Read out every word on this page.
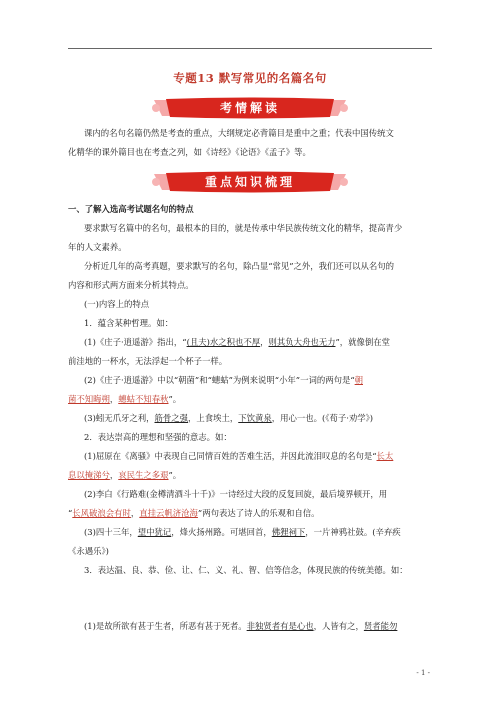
专题13 默写常见的名篇名句
考情解读
重点知识梳理

课内的名句名篇仍然是考查的重点，大纲规定必背篇目是重中之重；代表中国传统文

化精华的课外篇目也在考查之列，如《诗经》《论语》《孟子》等。

一、了解入选高考试题名句的特点

要求默写名篇中的名句，最根本的目的，就是传承中华民族传统文化的精华，提高青少

年的人文素养。

分析近几年的高考真题，要求默写的名句，除凸显“常见”之外，我们还可以从名句的

内容和形式两方面来分析其特点。

(一)内容上的特点

1．蕴含某种哲理。如：

(1)《庄子·逍遥游》指出，“(且夫)水之积也不厚，则其负大舟也无力”，就像倒在堂

前洼地的一杯水，无法浮起一个杯子一样。

(2)《庄子·逍遥游》中以“朝菌”和“蟪蛄”为例来说明“小年”一词的两句是“朝

菌不知晦朔，蟪蛄不知春秋”。

(3)蚓无爪牙之利，筋骨之强，上食埃土，下饮黄泉，用心一也。(《荀子·劝学》)

2．表达崇高的理想和坚强的意志。如：

(1)屈原在《离骚》中表现自己同情百姓的苦难生活，并因此流泪叹息的名句是“长太

息以掩涕兮，哀民生之多艰”。

(2)李白《行路难(金樽清酒斗十千)》一诗经过大段的反复回旋，最后境界顿开，用

“长风破浪会有时，直挂云帆济沧海”两句表达了诗人的乐观和自信。

(3)四十三年，望中犹记，烽火扬州路。可堪回首，佛狸祠下，一片神鸦社鼓。(辛弃疾

《永遇乐》)

3．表达温、良、恭、俭、让、仁、义、礼、智、信等信念，体现民族的传统美德。如：

(1)是故所欲有甚于生者，所恶有甚于死者。非独贤者有是心也，人皆有之，贤者能勿

- 1 -
